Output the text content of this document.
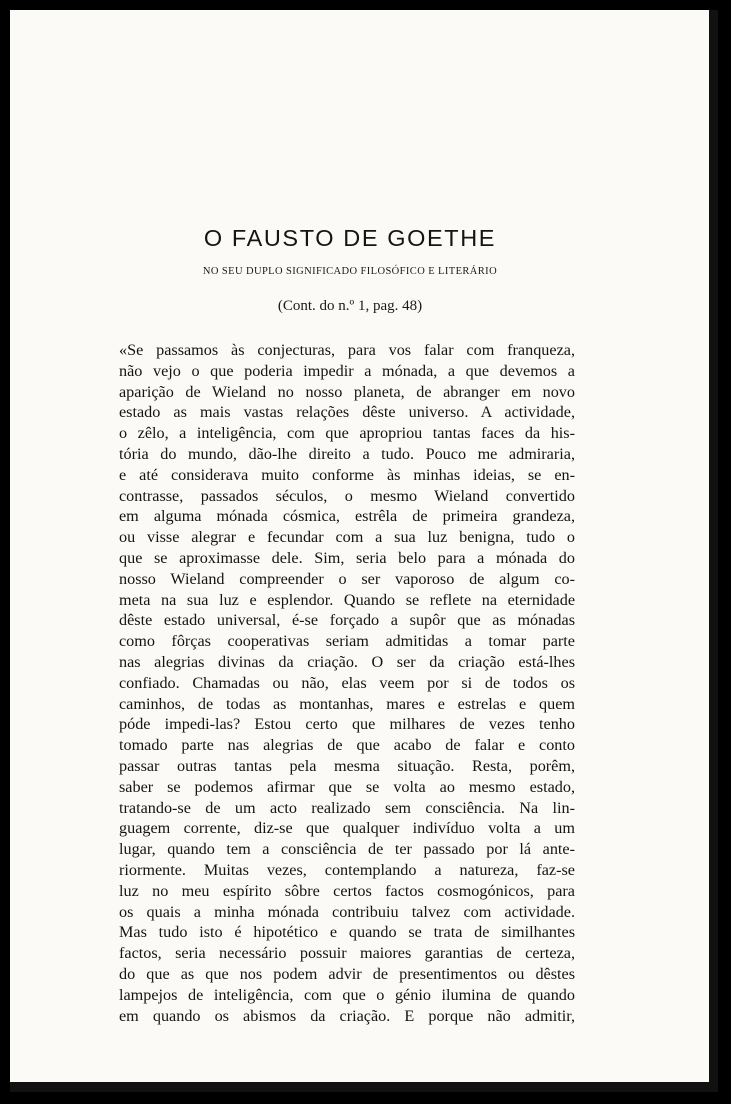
O FAUSTO DE GOETHE
NO SEU DUPLO SIGNIFICADO FILOSÓFICO E LITERÁRIO
(Cont. do n.º 1, pag. 48)
«Se passamos às conjecturas, para vos falar com franqueza,
não vejo o que poderia impedir a mónada, a que devemos a
aparição de Wieland no nosso planeta, de abranger em novo
estado as mais vastas relações dêste universo. A actividade,
o zêlo, a inteligência, com que apropriou tantas faces da his-
tória do mundo, dão-lhe direito a tudo. Pouco me admiraria,
e até considerava muito conforme às minhas ideias, se en-
contrasse, passados séculos, o mesmo Wieland convertido
em alguma mónada cósmica, estrêla de primeira grandeza,
ou visse alegrar e fecundar com a sua luz benigna, tudo o
que se aproximasse dele. Sim, seria belo para a mónada do
nosso Wieland compreender o ser vaporoso de algum co-
meta na sua luz e esplendor. Quando se reflete na eternidade
dêste estado universal, é-se forçado a supôr que as mónadas
como fôrças cooperativas seriam admitidas a tomar parte
nas alegrias divinas da criação. O ser da criação está-lhes
confiado. Chamadas ou não, elas veem por si de todos os
caminhos, de todas as montanhas, mares e estrelas e quem
póde impedi-las? Estou certo que milhares de vezes tenho
tomado parte nas alegrias de que acabo de falar e conto
passar outras tantas pela mesma situação. Resta, porêm,
saber se podemos afirmar que se volta ao mesmo estado,
tratando-se de um acto realizado sem consciência. Na lin-
guagem corrente, diz-se que qualquer indivíduo volta a um
lugar, quando tem a consciência de ter passado por lá ante-
riormente. Muitas vezes, contemplando a natureza, faz-se
luz no meu espírito sôbre certos factos cosmogónicos, para
os quais a minha mónada contribuiu talvez com actividade.
Mas tudo isto é hipotético e quando se trata de similhantes
factos, seria necessário possuir maiores garantias de certeza,
do que as que nos podem advir de presentimentos ou dêstes
lampejos de inteligência, com que o génio ilumina de quando
em quando os abismos da criação. E porque não admitir,
